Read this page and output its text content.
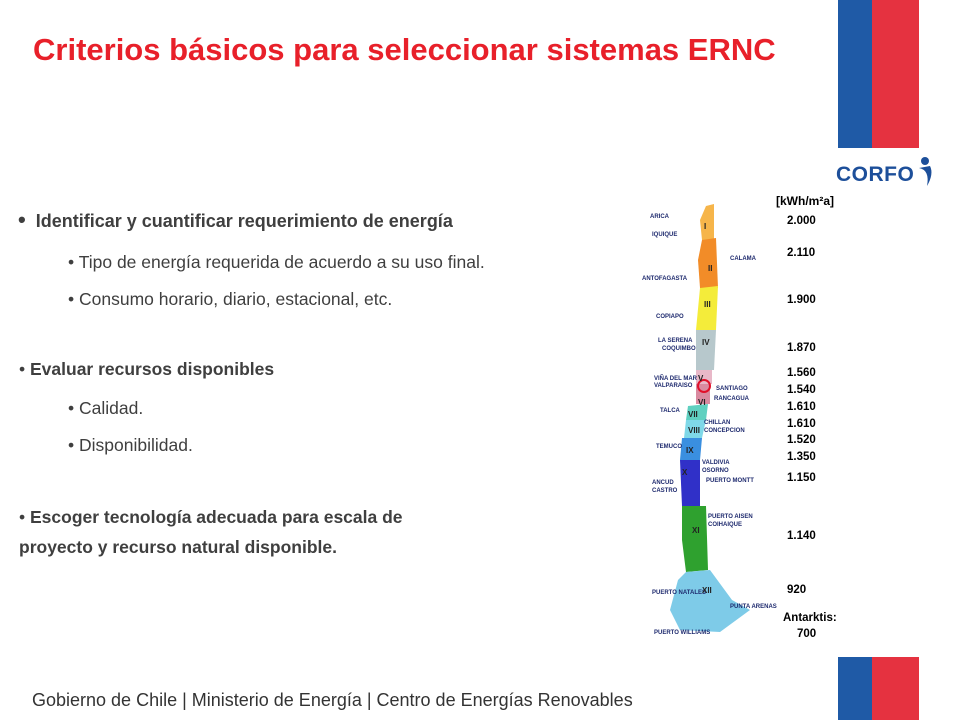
Criterios básicos para seleccionar sistemas ERNC
CORFO
• Identificar y cuantificar requerimiento de energía
• Tipo de energía requerida de acuerdo a su uso final.
• Consumo horario, diario, estacional, etc.
• Evaluar recursos disponibles
• Calidad.
• Disponibilidad.
• Escoger tecnología adecuada para escala de
proyecto y recurso natural disponible.
ARICA
IQUIQUE
CALAMA
ANTOFAGASTA
COPIAPO
LA SERENA
COQUIMBO
VIÑA DEL MAR
VALPARAISO	SANTIAGO
RANCAGUA
TALCA
CHILLAN
CONCEPCION
TEMUCO
VALDIVIA
OSORNO
ANCUD
CASTRO
PUERTO MONTT
PUERTO AISEN
COIHAIQUE
PUERTO NATALES
PUNTA ARENAS
PUERTO WILLIAMS
I
II
III
IV
V
VI
VII
VIII
IX
X
XI
XII
[kWh/m²a]
2.000
2.110
1.900
1.870
1.560
1.540
1.610
1.610
1.520
1.350
1.150
1.140
920
Antarktis:
700
Gobierno de Chile | Ministerio de Energía | Centro de Energías Renovables
